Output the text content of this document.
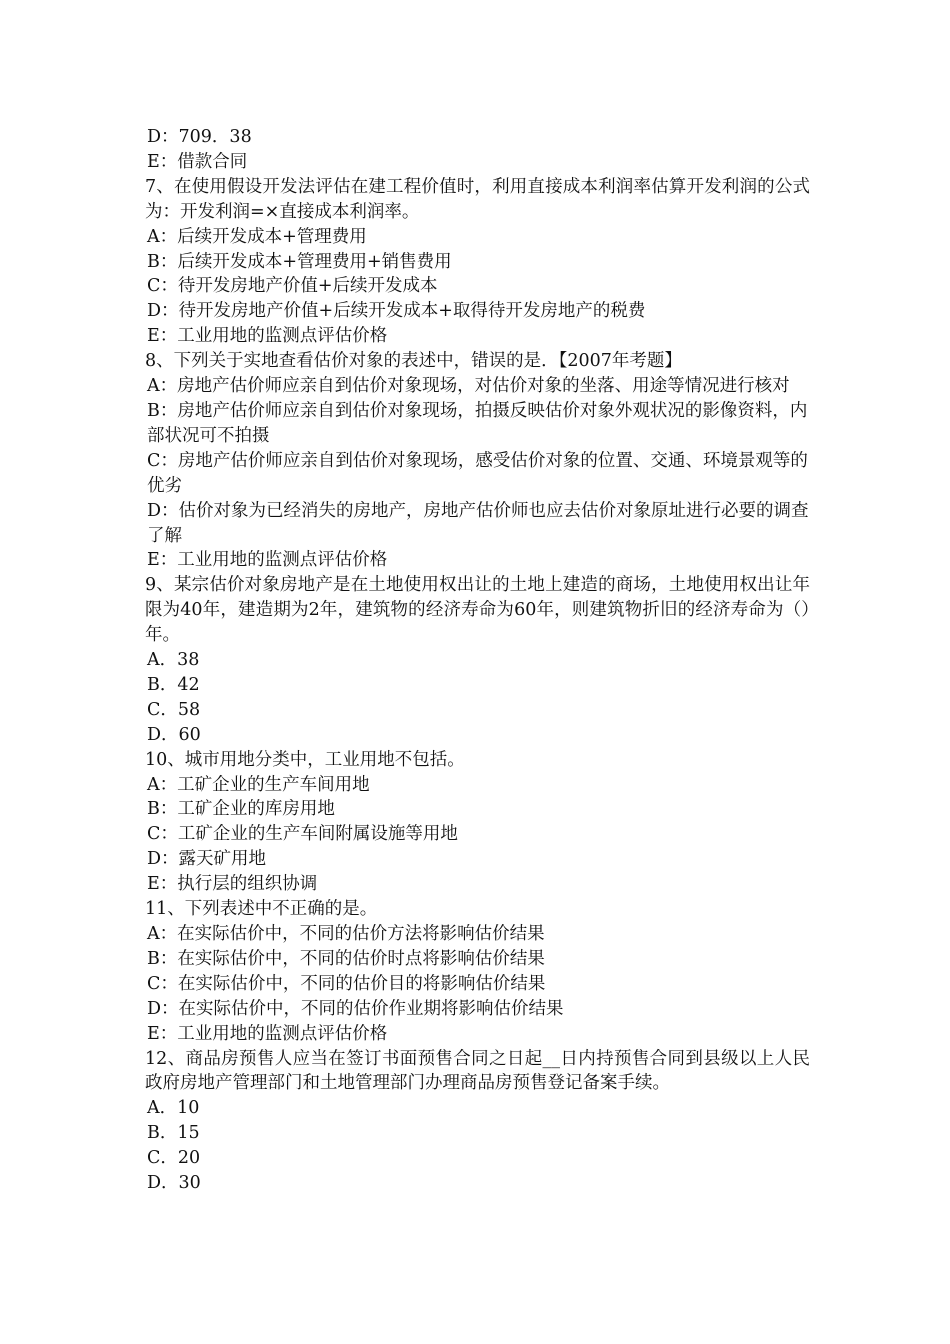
D：709．38

E：借款合同

7、在使用假设开发法评估在建工程价值时，利用直接成本利润率估算开发利润的公式为：开发利润=×直接成本利润率。

A：后续开发成本+管理费用

B：后续开发成本+管理费用+销售费用

C：待开发房地产价值+后续开发成本

D：待开发房地产价值+后续开发成本+取得待开发房地产的税费

E：工业用地的监测点评估价格

8、下列关于实地查看估价对象的表述中，错误的是．【2007年考题】

A：房地产估价师应亲自到估价对象现场，对估价对象的坐落、用途等情况进行核对

B：房地产估价师应亲自到估价对象现场，拍摄反映估价对象外观状况的影像资料，内部状况可不拍摄

C：房地产估价师应亲自到估价对象现场，感受估价对象的位置、交通、环境景观等的优劣

D：估价对象为已经消失的房地产，房地产估价师也应去估价对象原址进行必要的调查 了解

E：工业用地的监测点评估价格

9、某宗估价对象房地产是在土地使用权出让的土地上建造的商场，土地使用权出让年限为40年，建造期为2年，建筑物的经济寿命为60年，则建筑物折旧的经济寿命为（）年。

A．38

B．42

C．58

D．60

10、城市用地分类中，工业用地不包括。

A：工矿企业的生产车间用地

B：工矿企业的库房用地

C：工矿企业的生产车间附属设施等用地

D：露天矿用地

E：执行层的组织协调

11、下列表述中不正确的是。

A：在实际估价中，不同的估价方法将影响估价结果

B：在实际估价中，不同的估价时点将影响估价结果

C：在实际估价中，不同的估价目的将影响估价结果

D：在实际估价中，不同的估价作业期将影响估价结果

E：工业用地的监测点评估价格

12、商品房预售人应当在签订书面预售合同之日起__日内持预售合同到县级以上人民政府房地产管理部门和土地管理部门办理商品房预售登记备案手续。

A．10

B．15

C．20

D．30
